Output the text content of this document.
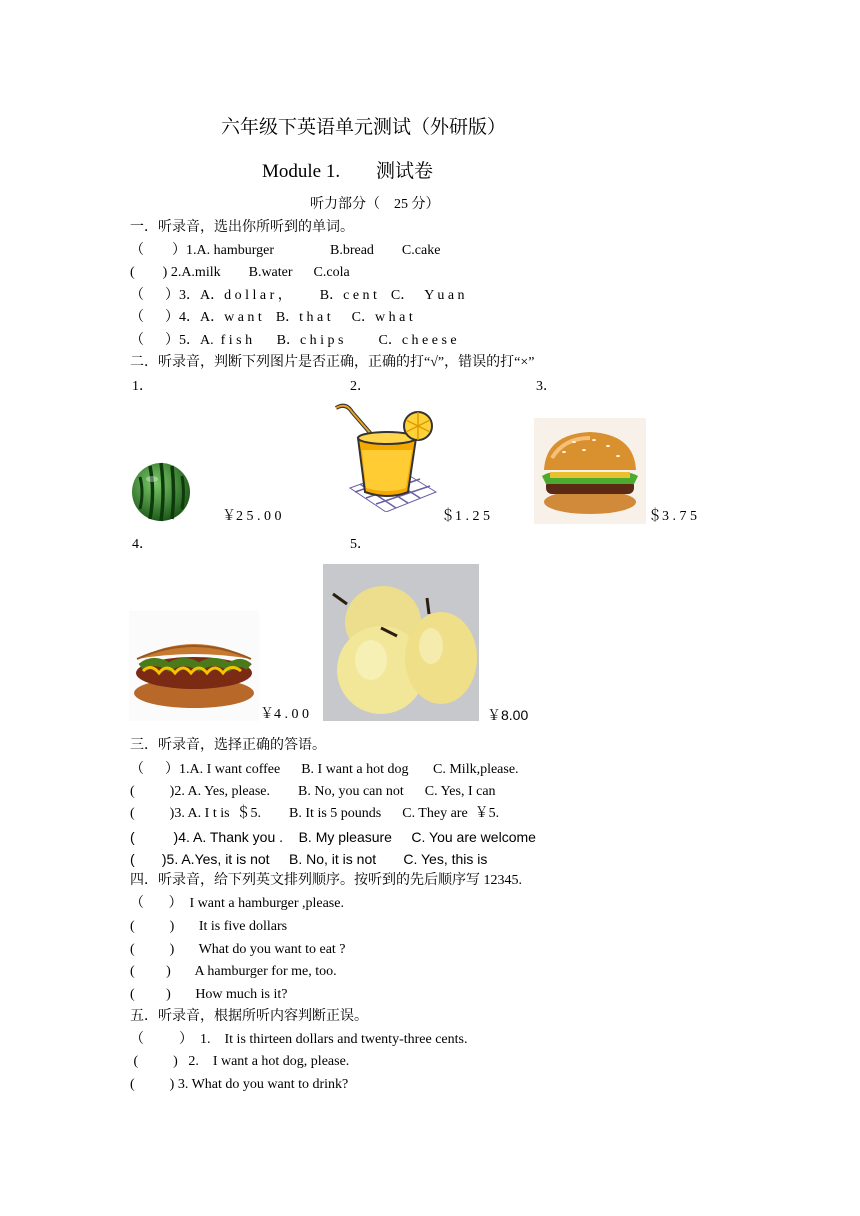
六年级下英语单元测试（外研版）
Module 1. 测试卷
听力部分（    25 分）
一．听录音，选出你所听到的单词。
（        ）1.A. hamburger                B.bread        C.cake
(        ) 2.A.milk        B.water      C.cola
（      ）3．A．d o l l a r ，        B．c e n t    C．   Y u a n
（      ）4．A．w a n t    B．t h a t      C．w h a t
（      ）5．A.  f i s h       B．c h i p s          C．c h e e s e
二．听录音，判断下列图片是否正确，正确的打“√”，错误的打“×”
1．	2．	3．
￥2 5 . 0 0	＄1 . 2 5	＄3 . 7 5
4．	5．
￥4 . 0 0	￥8.00
三．听录音，选择正确的答语。
（      ）1.A. I want coffee      B. I want a hot dog       C. Milk,please.
(          )2. A. Yes, please.        B. No, you can not      C. Yes, I can
(          )3. A. I t is  ＄5.        B. It is 5 pounds      C. They are  ￥5.
(          )4. A. Thank you .    B. My pleasure     C. You are welcome
(       )5. A.Yes, it is not     B. No, it is not       C. Yes, this is
四．听录音，给下列英文排列顺序。按听到的先后顺序写 12345.
（       ）  I want a hamburger ,please.
(          )       It is five dollars
(          )       What do you want to eat ?
(         )       A hamburger for me, too.
(         )       How much is it?
五．听录音，根据所听内容判断正误。
（          ）  1.    It is thirteen dollars and twenty-three cents.
(          )   2.    I want a hot dog, please.
(          ) 3. What do you want to drink?
